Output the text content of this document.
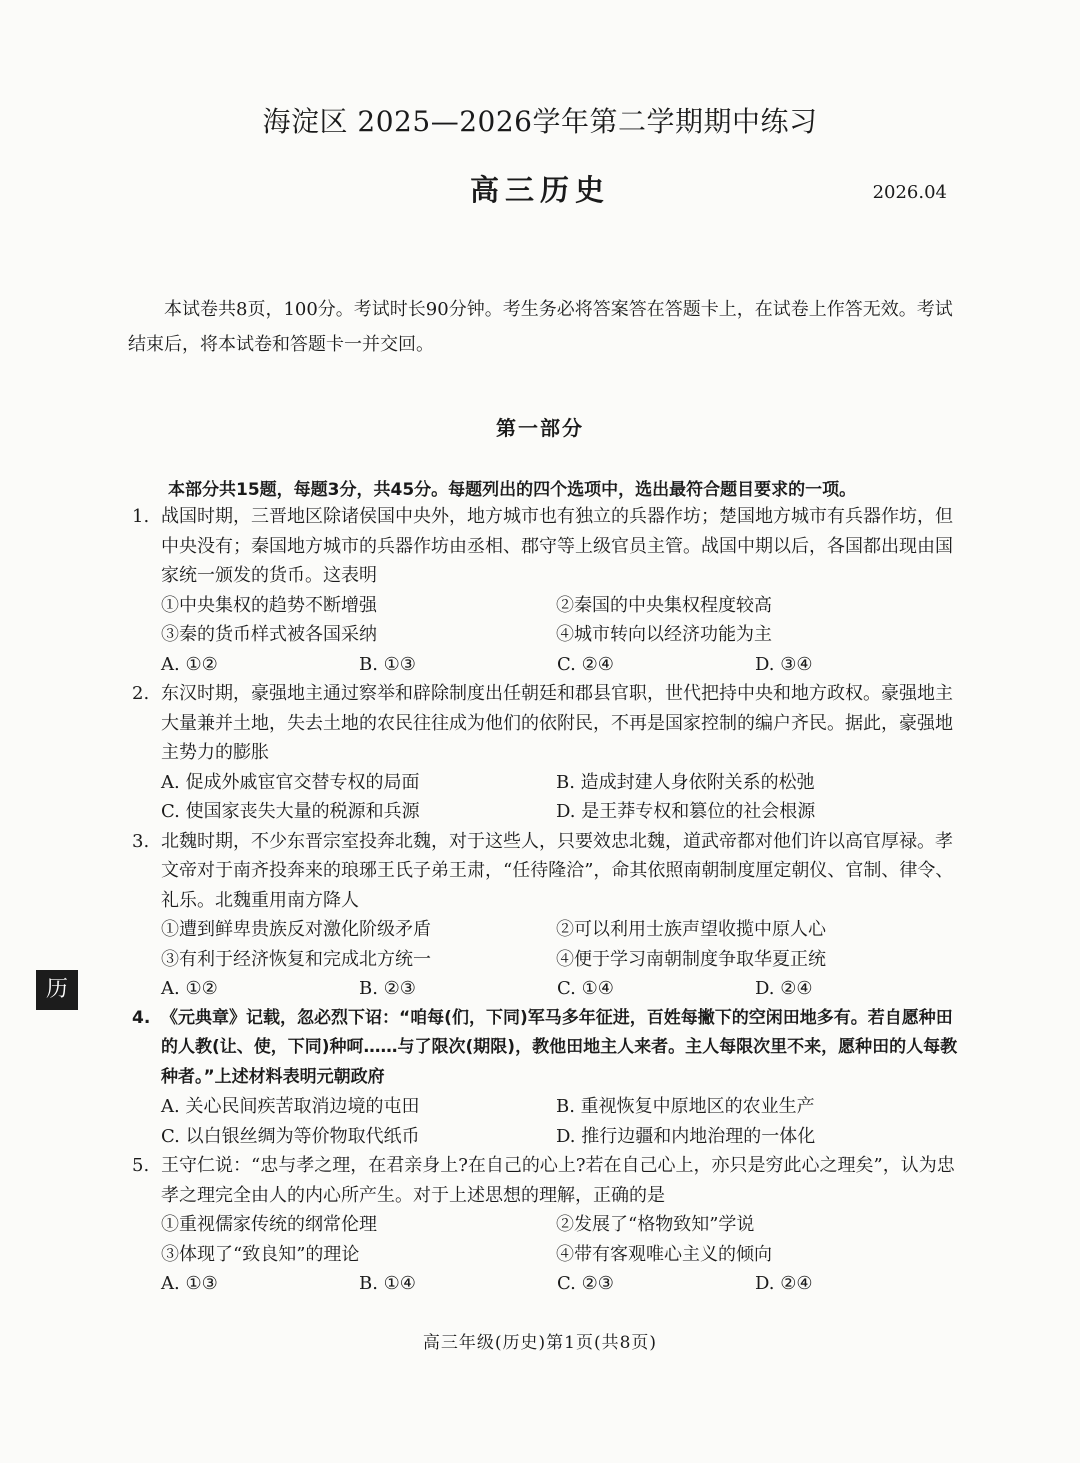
海淀区 2025—2026学年第二学期期中练习
高三历史	2026.04
本试卷共8页，100分。考试时长90分钟。考生务必将答案答在答题卡上，在试卷上作答无效。考试结束后，将本试卷和答题卡一并交回。
第一部分
本部分共15题，每题3分，共45分。每题列出的四个选项中，选出最符合题目要求的一项。
1. 战国时期，三晋地区除诸侯国中央外，地方城市也有独立的兵器作坊；楚国地方城市有兵器作坊，但中央没有；秦国地方城市的兵器作坊由丞相、郡守等上级官员主管。战国中期以后，各国都出现由国家统一颁发的货币。这表明
①中央集权的趋势不断增强	②秦国的中央集权程度较高
③秦的货币样式被各国采纳	④城市转向以经济功能为主
A. ①②	B. ①③	C. ②④	D. ③④
2. 东汉时期，豪强地主通过察举和辟除制度出任朝廷和郡县官职，世代把持中央和地方政权。豪强地主大量兼并土地，失去土地的农民往往成为他们的依附民，不再是国家控制的编户齐民。据此，豪强地主势力的膨胀
A. 促成外戚宦官交替专权的局面	B. 造成封建人身依附关系的松弛
C. 使国家丧失大量的税源和兵源	D. 是王莽专权和篡位的社会根源
3. 北魏时期，不少东晋宗室投奔北魏，对于这些人，只要效忠北魏，道武帝都对他们许以高官厚禄。孝文帝对于南齐投奔来的琅琊王氏子弟王肃，“任待隆洽”，命其依照南朝制度厘定朝仪、官制、律令、礼乐。北魏重用南方降人
①遭到鲜卑贵族反对激化阶级矛盾	②可以利用士族声望收揽中原人心
③有利于经济恢复和完成北方统一	④便于学习南朝制度争取华夏正统
A. ①②	B. ②③	C. ①④	D. ②④
4. 《元典章》记载，忽必烈下诏：“咱每(们，下同)军马多年征进，百姓每撇下的空闲田地多有。若自愿种田的人教(让、使，下同)种呵……与了限次(期限)，教他田地主人来者。主人每限次里不来，愿种田的人每教种者。”上述材料表明元朝政府
A. 关心民间疾苦取消边境的屯田	B. 重视恢复中原地区的农业生产
C. 以白银丝绸为等价物取代纸币	D. 推行边疆和内地治理的一体化
5. 王守仁说：“忠与孝之理，在君亲身上?在自己的心上?若在自己心上，亦只是穷此心之理矣”，认为忠孝之理完全由人的内心所产生。对于上述思想的理解，正确的是
①重视儒家传统的纲常伦理	②发展了“格物致知”学说
③体现了“致良知”的理论	④带有客观唯心主义的倾向
A. ①③	B. ①④	C. ②③	D. ②④
历
高三年级(历史)第1页(共8页)
